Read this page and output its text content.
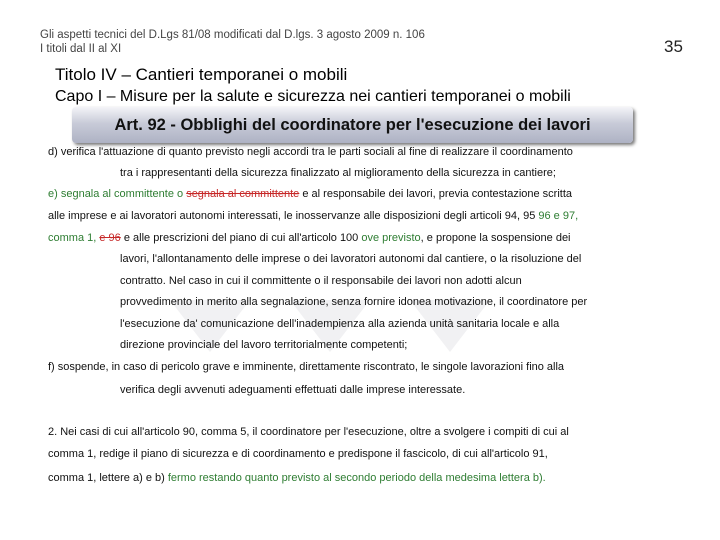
Gli aspetti tecnici del D.Lgs 81/08 modificati dal D.lgs. 3 agosto 2009 n. 106
I titoli dal II al XI	35
Titolo IV – Cantieri temporanei o mobili
Capo I – Misure per la salute e sicurezza nei cantieri temporanei o mobili
Art. 92 - Obblighi del coordinatore per l'esecuzione dei lavori
d) verifica l'attuazione di quanto previsto negli accordi tra le parti sociali al fine di realizzare il coordinamento
tra i rappresentanti della sicurezza finalizzato al miglioramento della sicurezza in cantiere;
e) segnala al committente o segnala al committente e al responsabile dei lavori, previa contestazione scritta
alle imprese e ai lavoratori autonomi interessati, le inosservanze alle disposizioni degli articoli 94, 95 96 e 97,
comma 1, e 96 e alle prescrizioni del piano di cui all'articolo 100 ove previsto, e propone la sospensione dei
lavori, l'allontanamento delle imprese o dei lavoratori autonomi dal cantiere, o la risoluzione del
contratto. Nel caso in cui il committente o il responsabile dei lavori non adotti alcun
provvedimento in merito alla segnalazione, senza fornire idonea motivazione, il coordinatore per
l'esecuzione da' comunicazione dell'inadempienza alla azienda unità sanitaria locale e alla
direzione provinciale del lavoro territorialmente competenti;
f) sospende, in caso di pericolo grave e imminente, direttamente riscontrato, le singole lavorazioni fino alla
verifica degli avvenuti adeguamenti effettuati dalle imprese interessate.
2. Nei casi di cui all'articolo 90, comma 5, il coordinatore per l'esecuzione, oltre a svolgere i compiti di cui al
comma 1, redige il piano di sicurezza e di coordinamento e predispone il fascicolo, di cui all'articolo 91,
comma 1, lettere a) e b) fermo restando quanto previsto al secondo periodo della medesima lettera b).
